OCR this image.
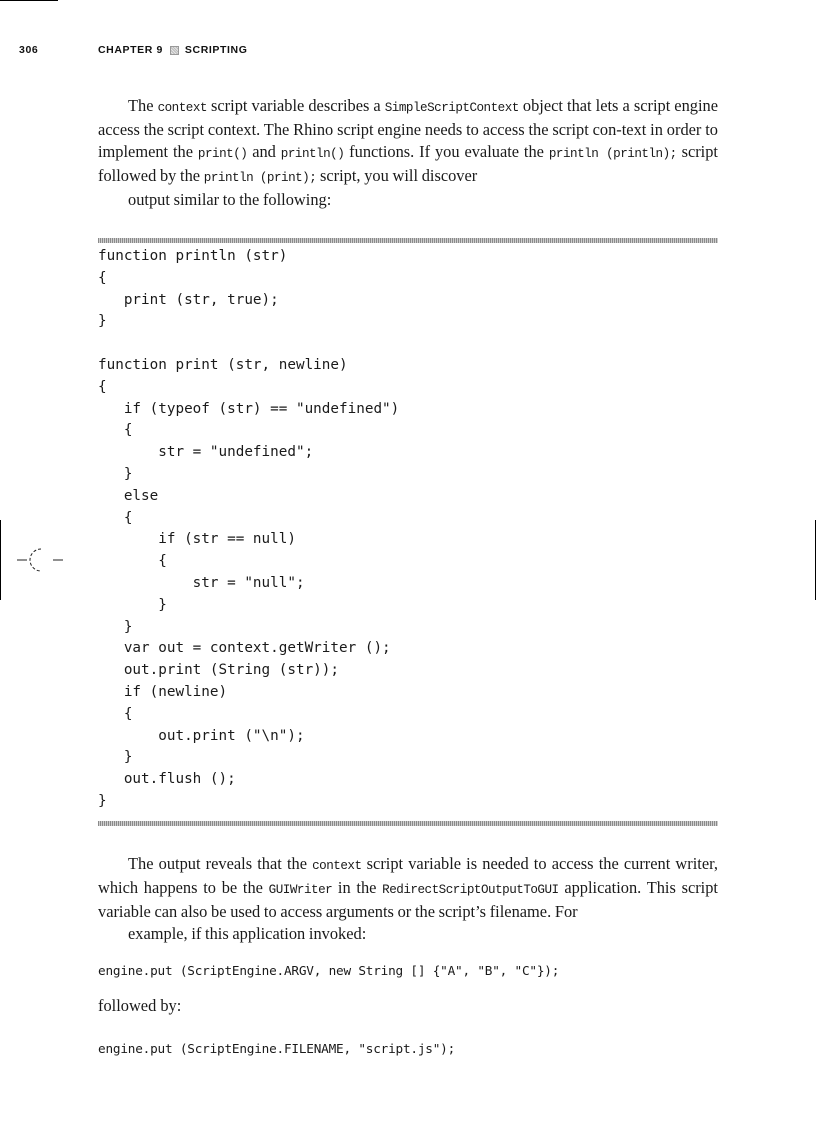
306	CHAPTER 9 SCRIPTING

The context script variable describes a SimpleScriptContext object that lets a script engine access the script context. The Rhino script engine needs to access the script con-text in order to implement the print() and println() functions. If you evaluate the println (println); script followed by the println (print); script, you will discover
output similar to the following:

function println (str)
{
print (str, true);
}
function print (str, newline)
{
if (typeof (str) == "undefined")
{
str = "undefined";
}
else
{
if (str == null)
{
str = "null";
}
}
var out = context.getWriter ();
out.print (String (str));
if (newline)
{
out.print ("\n");
}
out.flush ();
}

The output reveals that the context script variable is needed to access the current writer, which happens to be the GUIWriter in the RedirectScriptOutputToGUI application. This script variable can also be used to access arguments or the script’s filename. For
example, if this application invoked:

engine.put (ScriptEngine.ARGV, new String [] {"A", "B", "C"});

followed by:

engine.put (ScriptEngine.FILENAME, "script.js");
